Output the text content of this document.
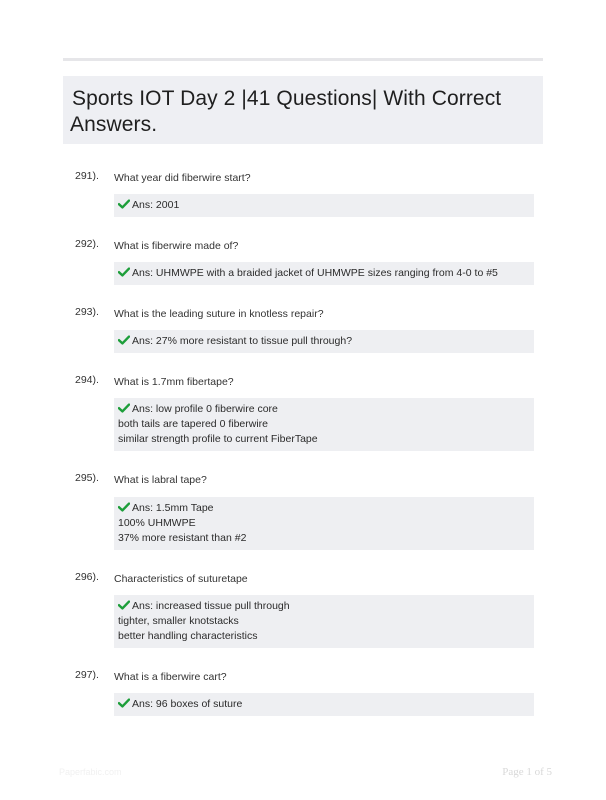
Sports IOT Day 2 |41 Questions| With Correct
Answers.
291). What year did fiberwire start?
Ans: 2001
292). What is fiberwire made of?
Ans: UHMWPE with a braided jacket of UHMWPE sizes ranging from 4-0 to #5
293). What is the leading suture in knotless repair?
Ans: 27% more resistant to tissue pull through?
294). What is 1.7mm fibertape?
Ans: low profile 0 fiberwire core
both tails are tapered 0 fiberwire
similar strength profile to current FiberTape
295). What is labral tape?
Ans: 1.5mm Tape
100% UHMWPE
37% more resistant than #2
296). Characteristics of suturetape
Ans: increased tissue pull through
tighter, smaller knotstacks
better handling characteristics
297). What is a fiberwire cart?
Ans: 96 boxes of suture
Paperfabic.com	Page 1 of 5
